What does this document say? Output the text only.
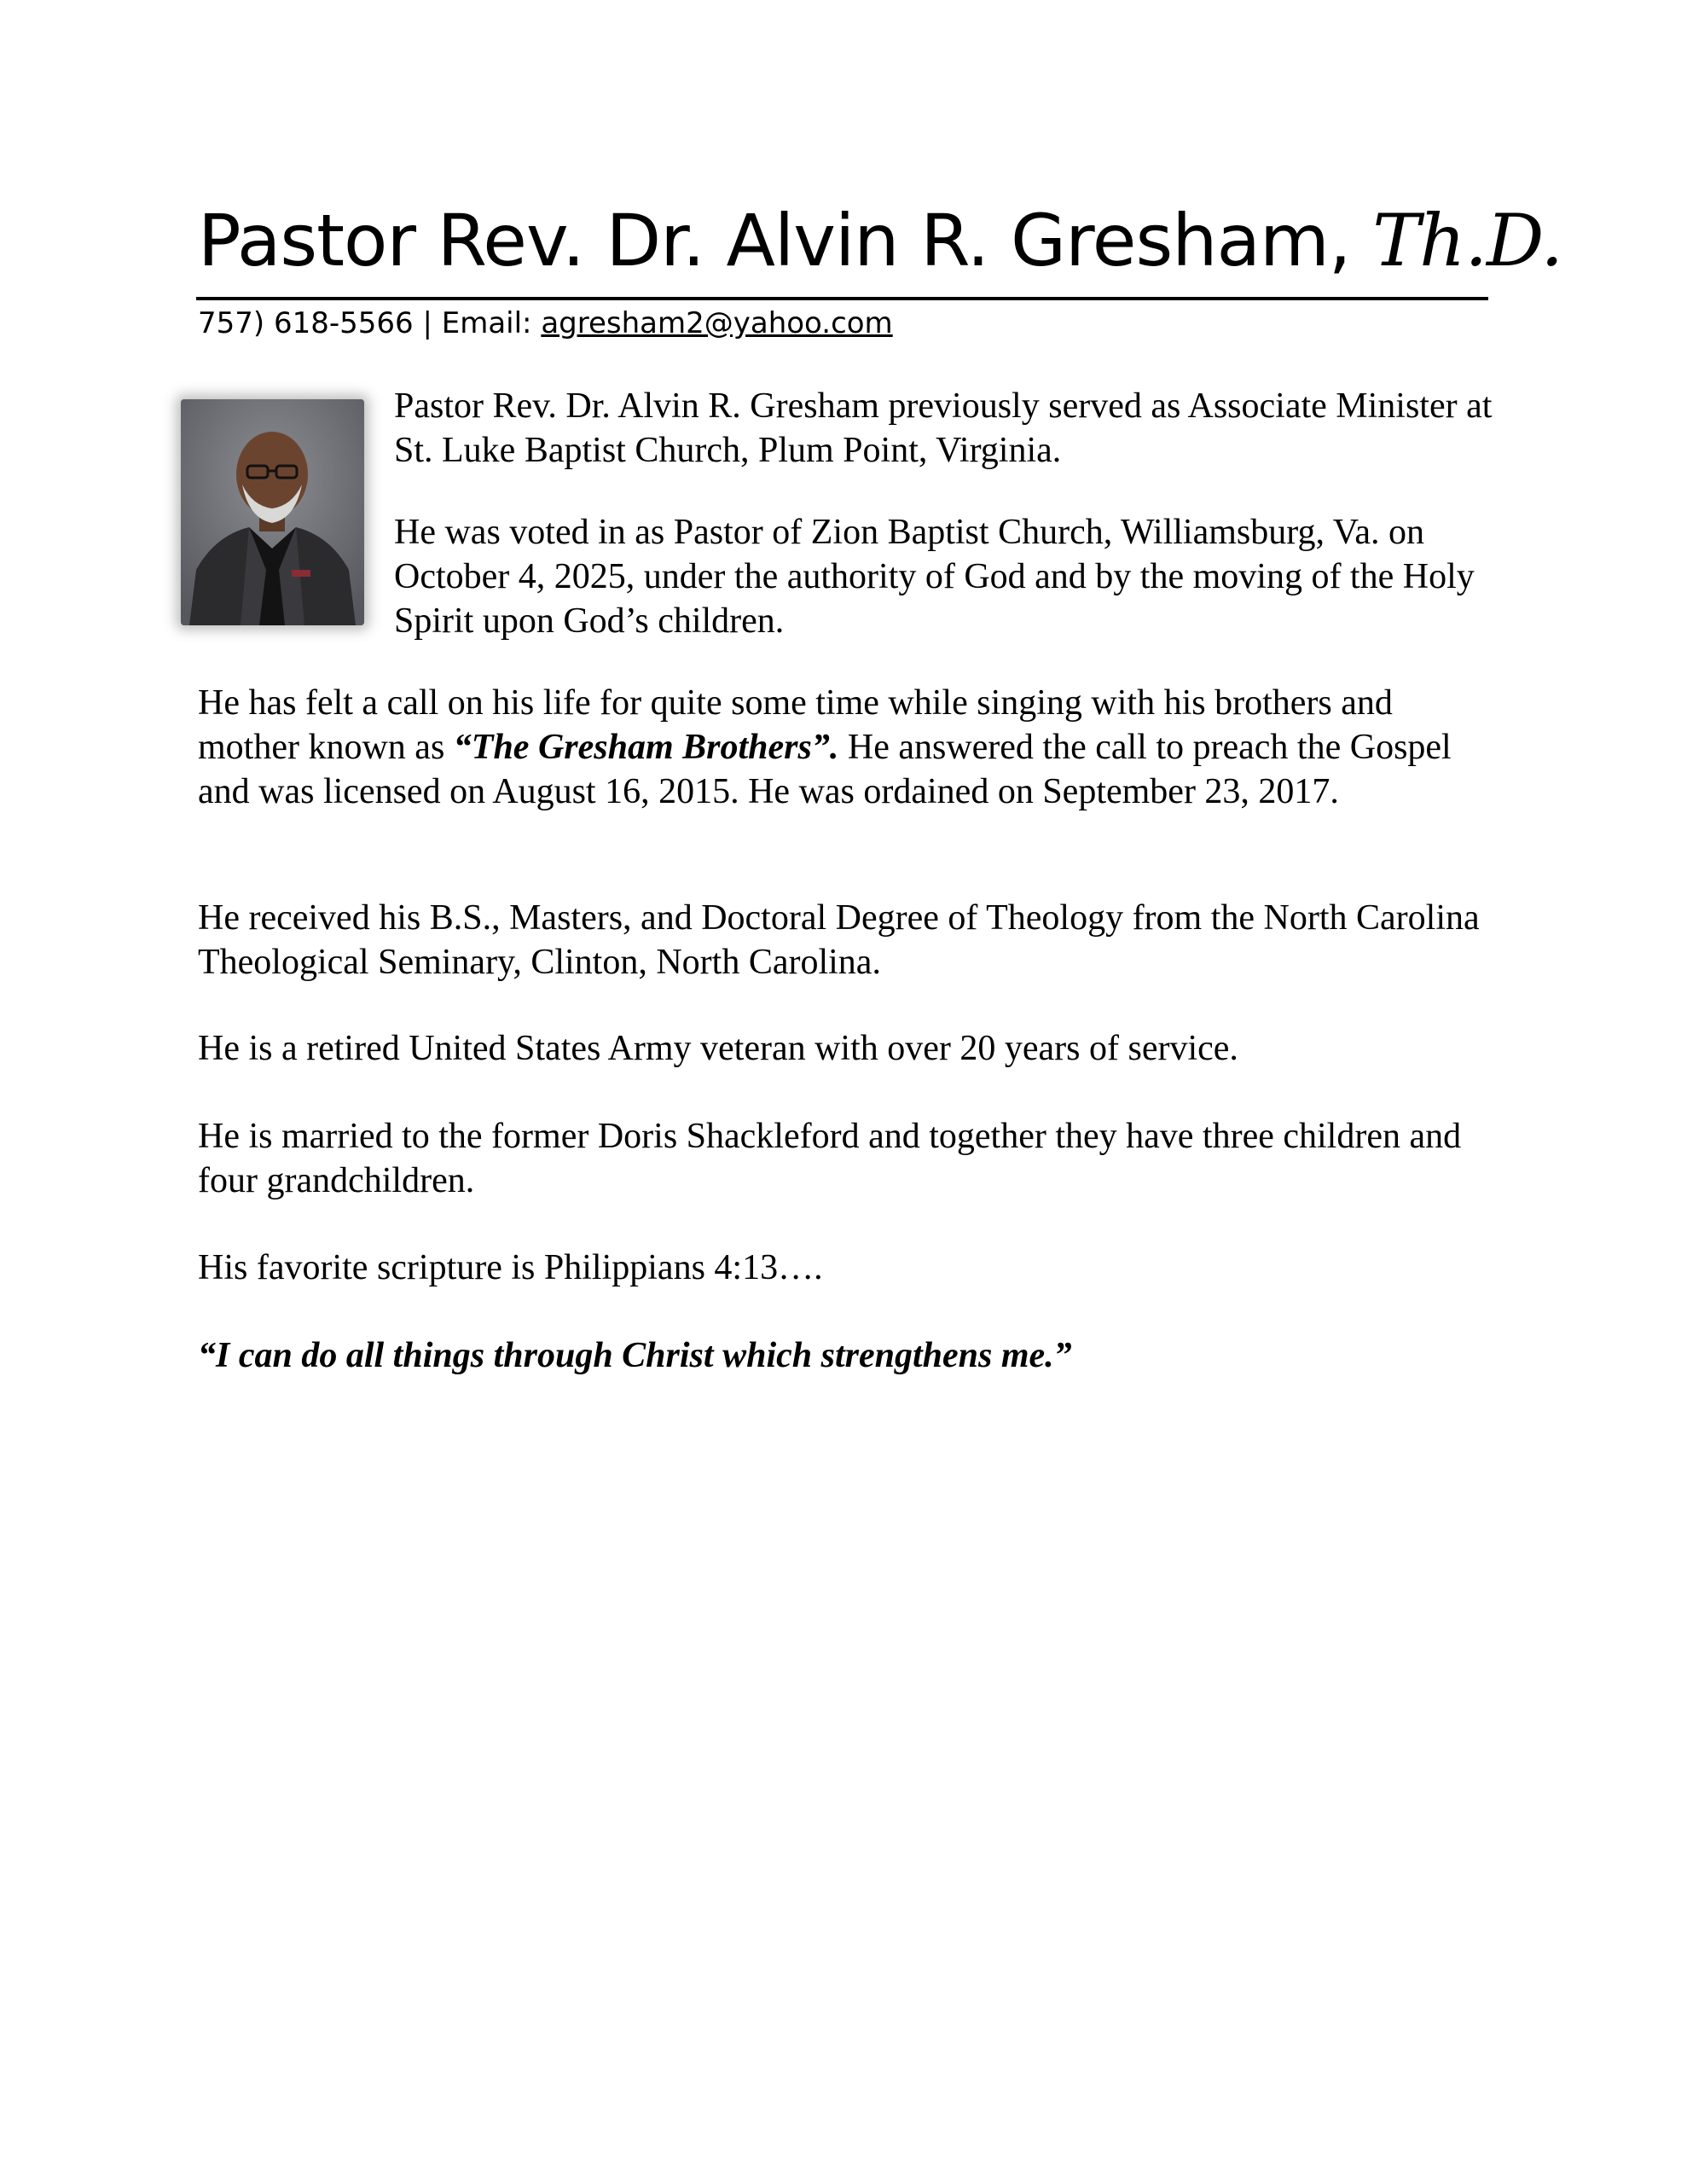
Pastor Rev. Dr. Alvin R. Gresham, Th.D.
757) 618-5566 | Email: agresham2@yahoo.com

Pastor Rev. Dr. Alvin R. Gresham previously served as Associate Minister at St. Luke Baptist Church, Plum Point, Virginia.

He was voted in as Pastor of Zion Baptist Church, Williamsburg, Va. on October 4, 2025, under the authority of God and by the moving of the Holy Spirit upon God’s children.

He has felt a call on his life for quite some time while singing with his brothers and mother known as “The Gresham Brothers”. He answered the call to preach the Gospel and was licensed on August 16, 2015. He was ordained on September 23, 2017.

He received his B.S., Masters, and Doctoral Degree of Theology from the North Carolina Theological Seminary, Clinton, North Carolina.

He is a retired United States Army veteran with over 20 years of service.

He is married to the former Doris Shackleford and together they have three children and four grandchildren.

His favorite scripture is Philippians 4:13….

“I can do all things through Christ which strengthens me.”
